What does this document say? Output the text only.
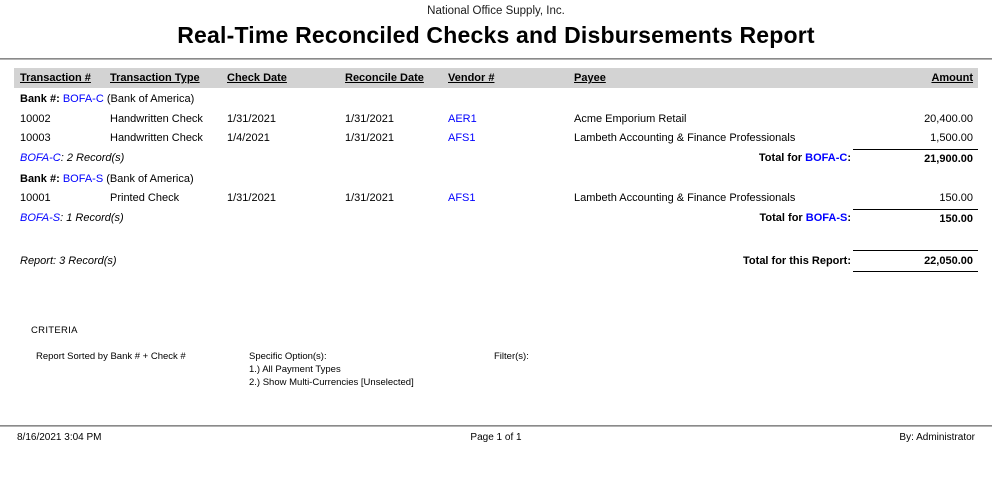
National Office Supply, Inc.
Real-Time Reconciled Checks and Disbursements Report
Transaction #	Transaction Type	Check Date	Reconcile Date	Vendor #	Payee	Amount
Bank #: BOFA-C (Bank of America)
10002	Handwritten Check	1/31/2021	1/31/2021	AER1	Acme Emporium Retail	20,400.00
10003	Handwritten Check	1/4/2021	1/31/2021	AFS1	Lambeth Accounting & Finance Professionals	1,500.00
BOFA-C: 2 Record(s)	Total for BOFA-C:	21,900.00
Bank #: BOFA-S (Bank of America)
10001	Printed Check	1/31/2021	1/31/2021	AFS1	Lambeth Accounting & Finance Professionals	150.00
BOFA-S: 1 Record(s)	Total for BOFA-S:	150.00
Report: 3 Record(s)	Total for this Report:	22,050.00
CRITERIA
Report Sorted by Bank # + Check #	Specific Option(s):
1.) All Payment Types
2.) Show Multi-Currencies [Unselected]
Filter(s):
8/16/2021 3:04 PM	Page 1 of 1	By: Administrator
